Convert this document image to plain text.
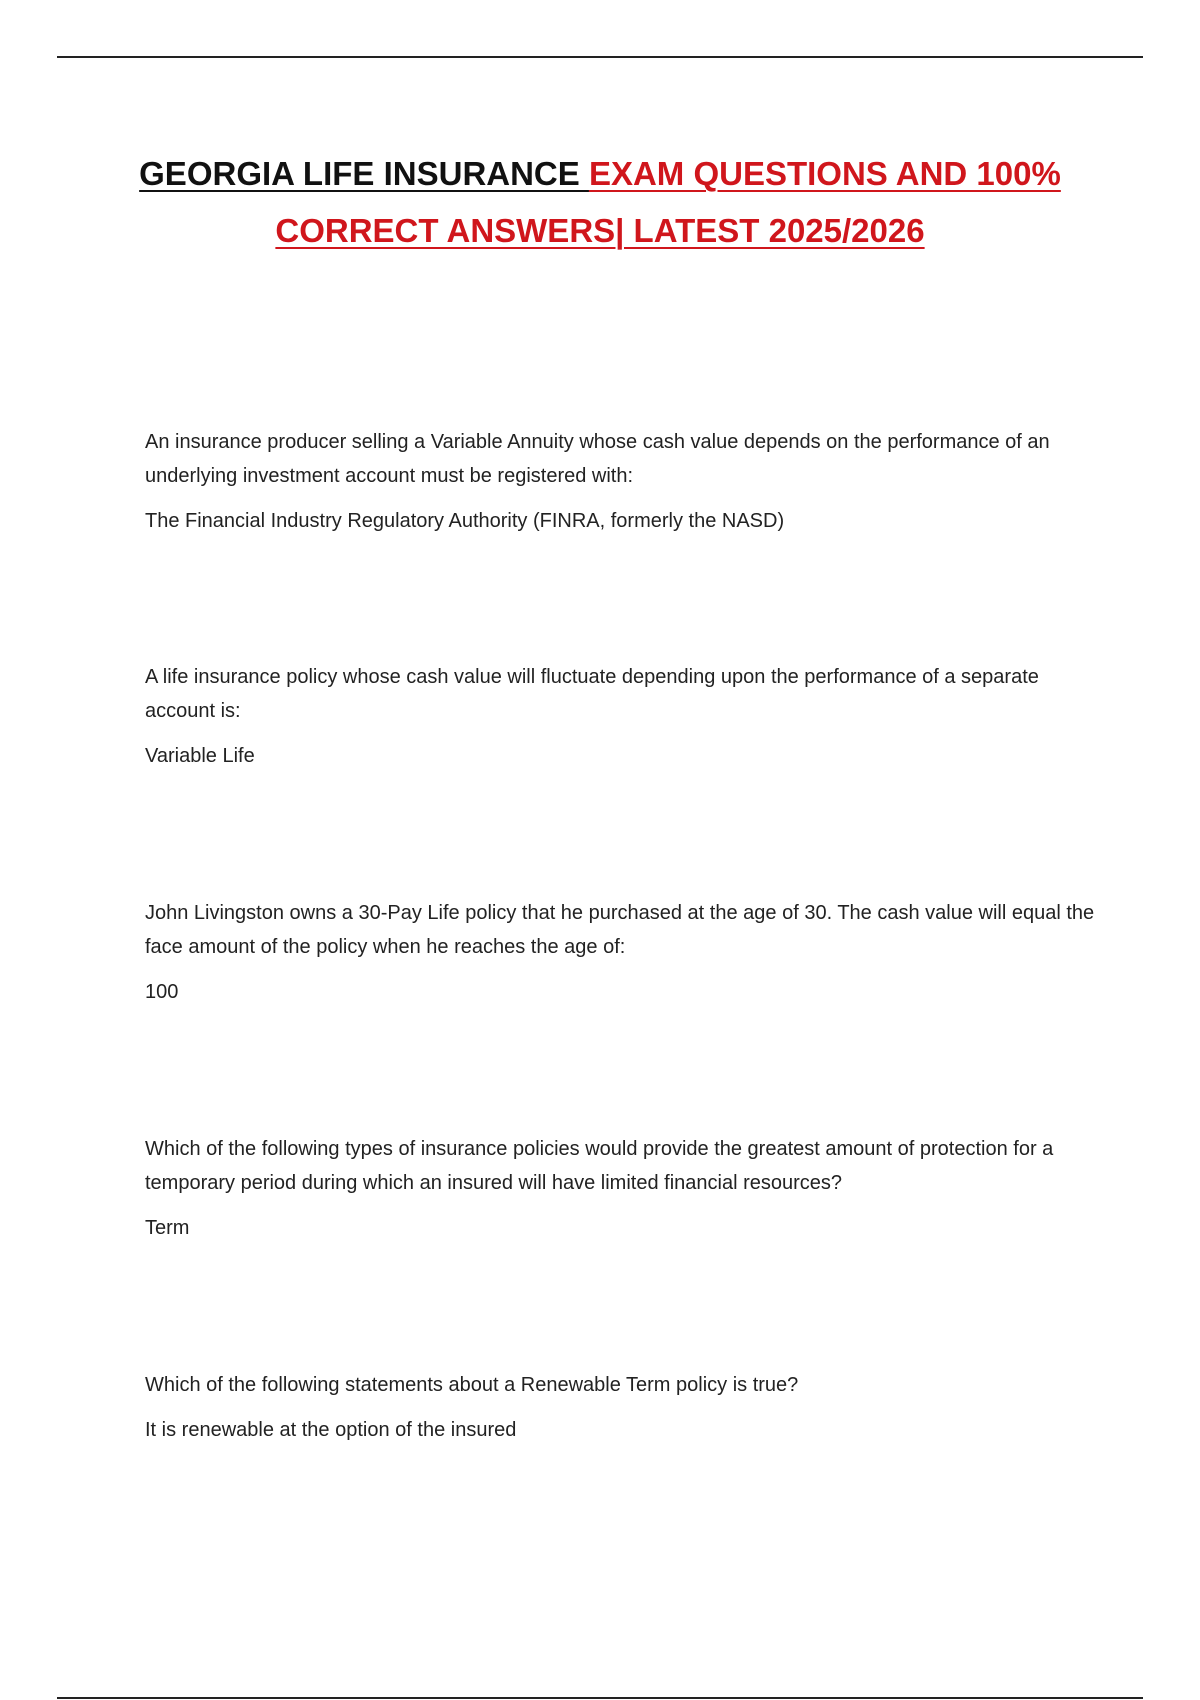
GEORGIA LIFE INSURANCE EXAM QUESTIONS AND 100% CORRECT ANSWERS| LATEST 2025/2026

An insurance producer selling a Variable Annuity whose cash value depends on the performance of an underlying investment account must be registered with:

The Financial Industry Regulatory Authority (FINRA, formerly the NASD)

A life insurance policy whose cash value will fluctuate depending upon the performance of a separate account is:

Variable Life

John Livingston owns a 30-Pay Life policy that he purchased at the age of 30. The cash value will equal the face amount of the policy when he reaches the age of:

100

Which of the following types of insurance policies would provide the greatest amount of protection for a temporary period during which an insured will have limited financial resources?

Term

Which of the following statements about a Renewable Term policy is true?

It is renewable at the option of the insured
